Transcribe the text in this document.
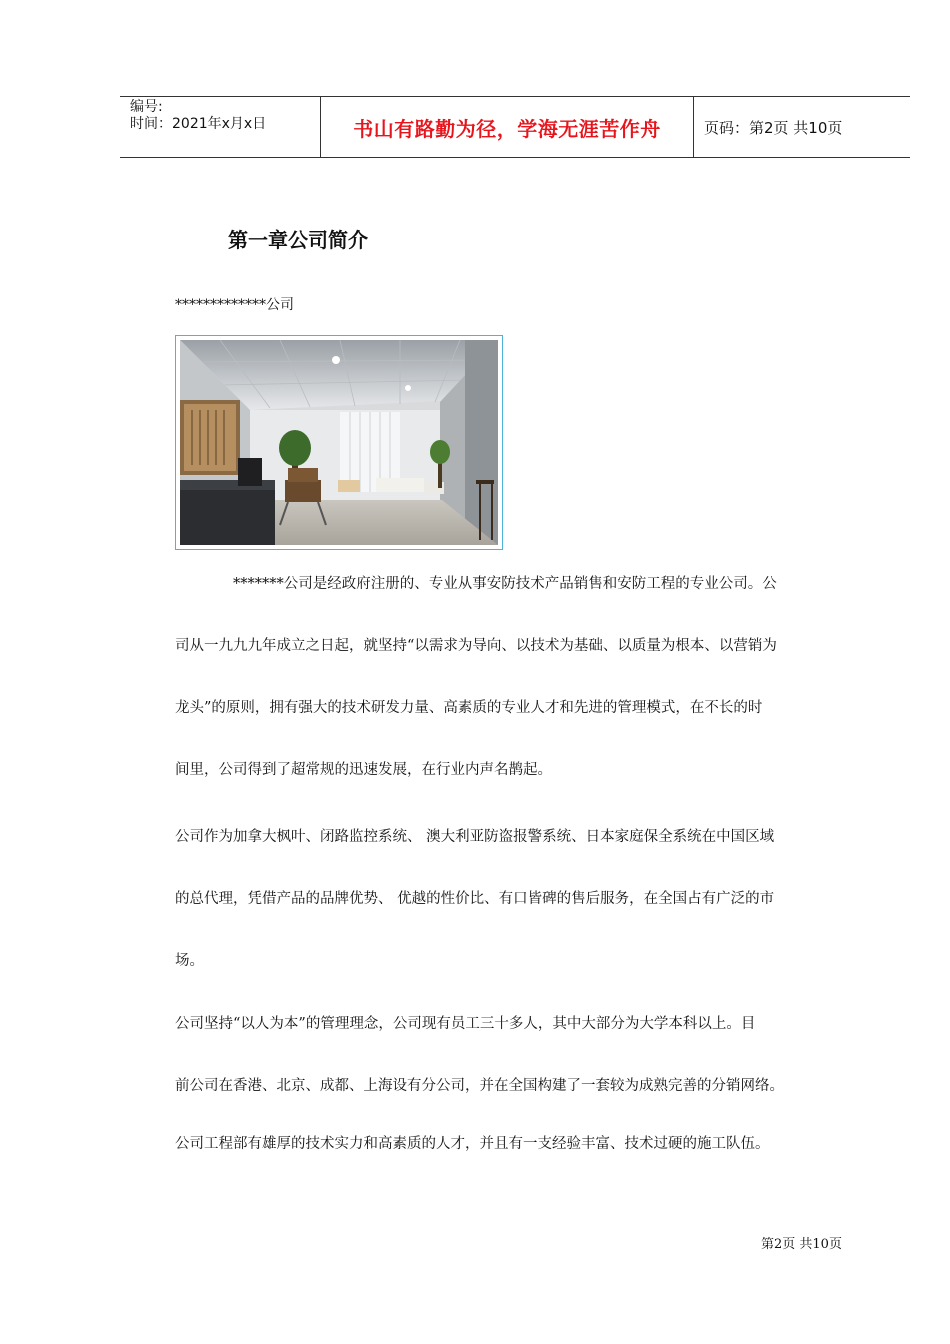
编号:
时间：2021年x月x日	书山有路勤为径，学海无涯苦作舟	页码：第2页 共10页
第一章公司简介
*************公司
*******公司是经政府注册的、专业从事安防技术产品销售和安防工程的专业公司。公
司从一九九九年成立之日起，就坚持“以需求为导向、以技术为基础、以质量为根本、以营销为
龙头”的原则，拥有强大的技术研发力量、高素质的专业人才和先进的管理模式，在不长的时
间里，公司得到了超常规的迅速发展，在行业内声名鹊起。
公司作为加拿大枫叶、闭路监控系统、 澳大利亚防盗报警系统、日本家庭保全系统在中国区域
的总代理，凭借产品的品牌优势、 优越的性价比、有口皆碑的售后服务，在全国占有广泛的市
场。
公司坚持“以人为本”的管理理念，公司现有员工三十多人，其中大部分为大学本科以上。目
前公司在香港、北京、成都、上海设有分公司，并在全国构建了一套较为成熟完善的分销网络。
公司工程部有雄厚的技术实力和高素质的人才，并且有一支经验丰富、技术过硬的施工队伍。
第2页 共10页
